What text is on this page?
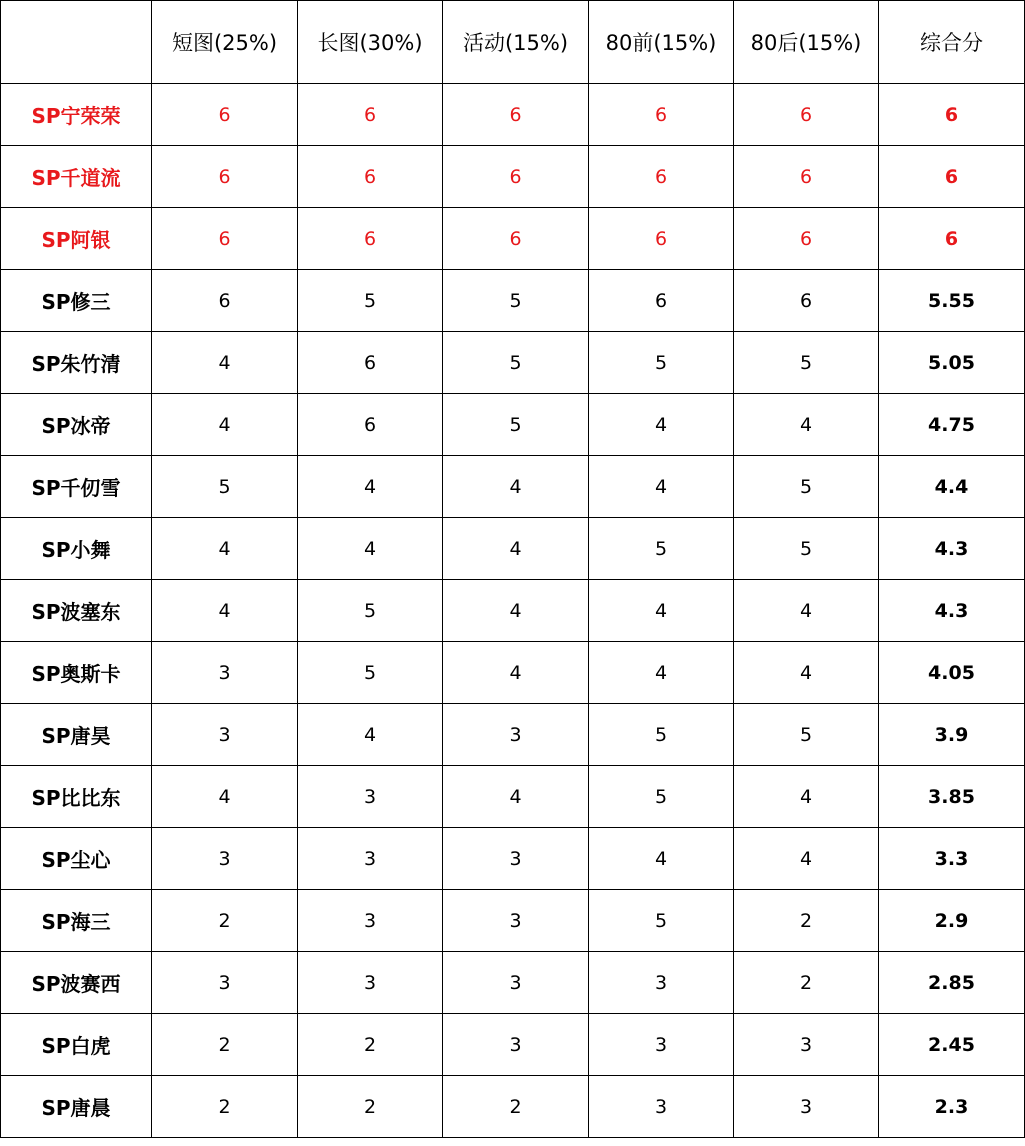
	短图(25%)	长图(30%)	活动(15%)	80前(15%)	80后(15%)	综合分
SP宁荣荣	6	6	6	6	6	6
SP千道流	6	6	6	6	6	6
SP阿银	6	6	6	6	6	6
SP修三	6	5	5	6	6	5.55
SP朱竹清	4	6	5	5	5	5.05
SP冰帝	4	6	5	4	4	4.75
SP千仞雪	5	4	4	4	5	4.4
SP小舞	4	4	4	5	5	4.3
SP波塞东	4	5	4	4	4	4.3
SP奥斯卡	3	5	4	4	4	4.05
SP唐昊	3	4	3	5	5	3.9
SP比比东	4	3	4	5	4	3.85
SP尘心	3	3	3	4	4	3.3
SP海三	2	3	3	5	2	2.9
SP波赛西	3	3	3	3	2	2.85
SP白虎	2	2	3	3	3	2.45
SP唐晨	2	2	2	3	3	2.3
